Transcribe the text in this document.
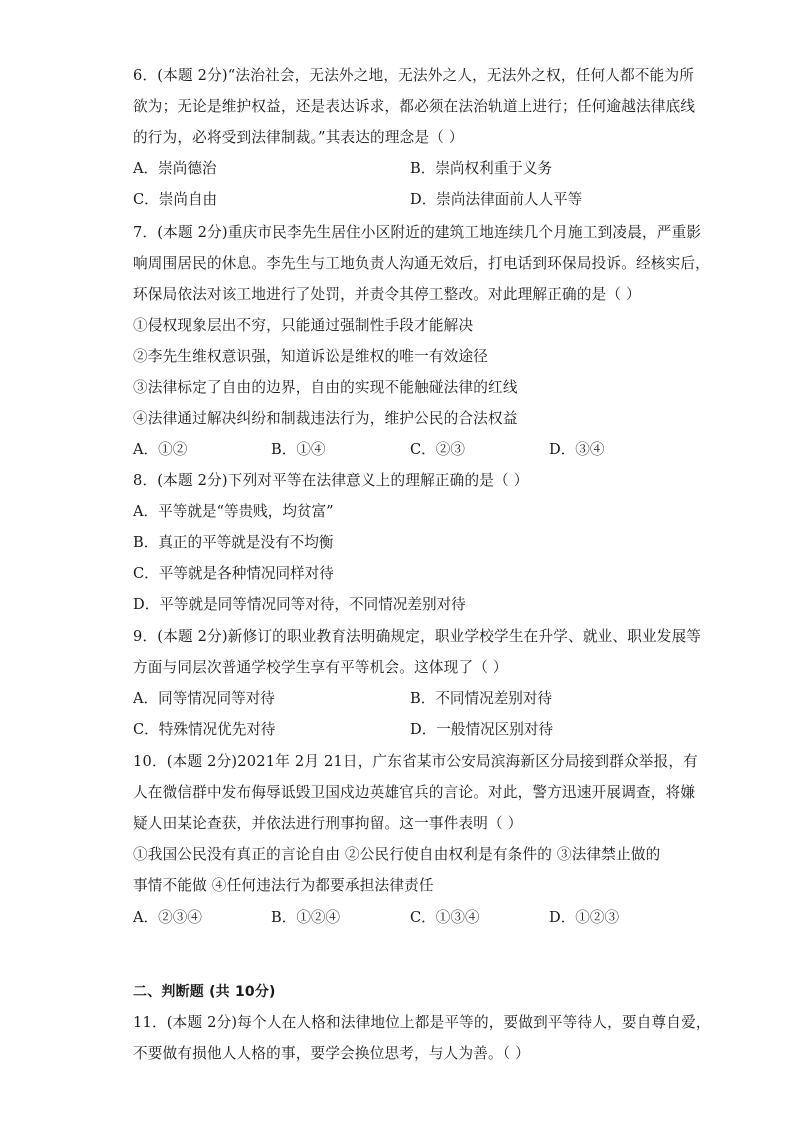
6．(本题 2分)“法治社会，无法外之地，无法外之人，无法外之权，任何人都不能为所
欲为；无论是维护权益，还是表达诉求，都必须在法治轨道上进行；任何逾越法律底线
的行为，必将受到法律制裁。”其表达的理念是（ ）
A．崇尚德治	B．崇尚权利重于义务
C．崇尚自由	D．崇尚法律面前人人平等
7．(本题 2分)重庆市民李先生居住小区附近的建筑工地连续几个月施工到凌晨，严重影
响周围居民的休息。李先生与工地负责人沟通无效后，打电话到环保局投诉。经核实后，
环保局依法对该工地进行了处罚，并责令其停工整改。对此理解正确的是（ ）
①侵权现象层出不穷，只能通过强制性手段才能解决
②李先生维权意识强，知道诉讼是维权的唯一有效途径
③法律标定了自由的边界，自由的实现不能触碰法律的红线
④法律通过解决纠纷和制裁违法行为，维护公民的合法权益
A．①②	B．①④	C．②③	D．③④
8．(本题 2分)下列对平等在法律意义上的理解正确的是（ ）
A．平等就是“等贵贱，均贫富”
B．真正的平等就是没有不均衡
C．平等就是各种情况同样对待
D．平等就是同等情况同等对待，不同情况差别对待
9．(本题 2分)新修订的职业教育法明确规定，职业学校学生在升学、就业、职业发展等
方面与同层次普通学校学生享有平等机会。这体现了（ ）
A．同等情况同等对待	B．不同情况差别对待
C．特殊情况优先对待	D．一般情况区别对待
10．(本题 2分)2021年 2月 21日，广东省某市公安局滨海新区分局接到群众举报，有
人在微信群中发布侮辱诋毁卫国戍边英雄官兵的言论。对此，警方迅速开展调查，将嫌
疑人田某论查获，并依法进行刑事拘留。这一事件表明（ ）
①我国公民没有真正的言论自由 ②公民行使自由权利是有条件的 ③法律禁止做的
事情不能做 ④任何违法行为都要承担法律责任
A．②③④	B．①②④	C．①③④	D．①②③
二、判断题 (共 10分)
11．(本题 2分)每个人在人格和法律地位上都是平等的，要做到平等待人，要自尊自爱，
不要做有损他人人格的事，要学会换位思考，与人为善。（ ）
